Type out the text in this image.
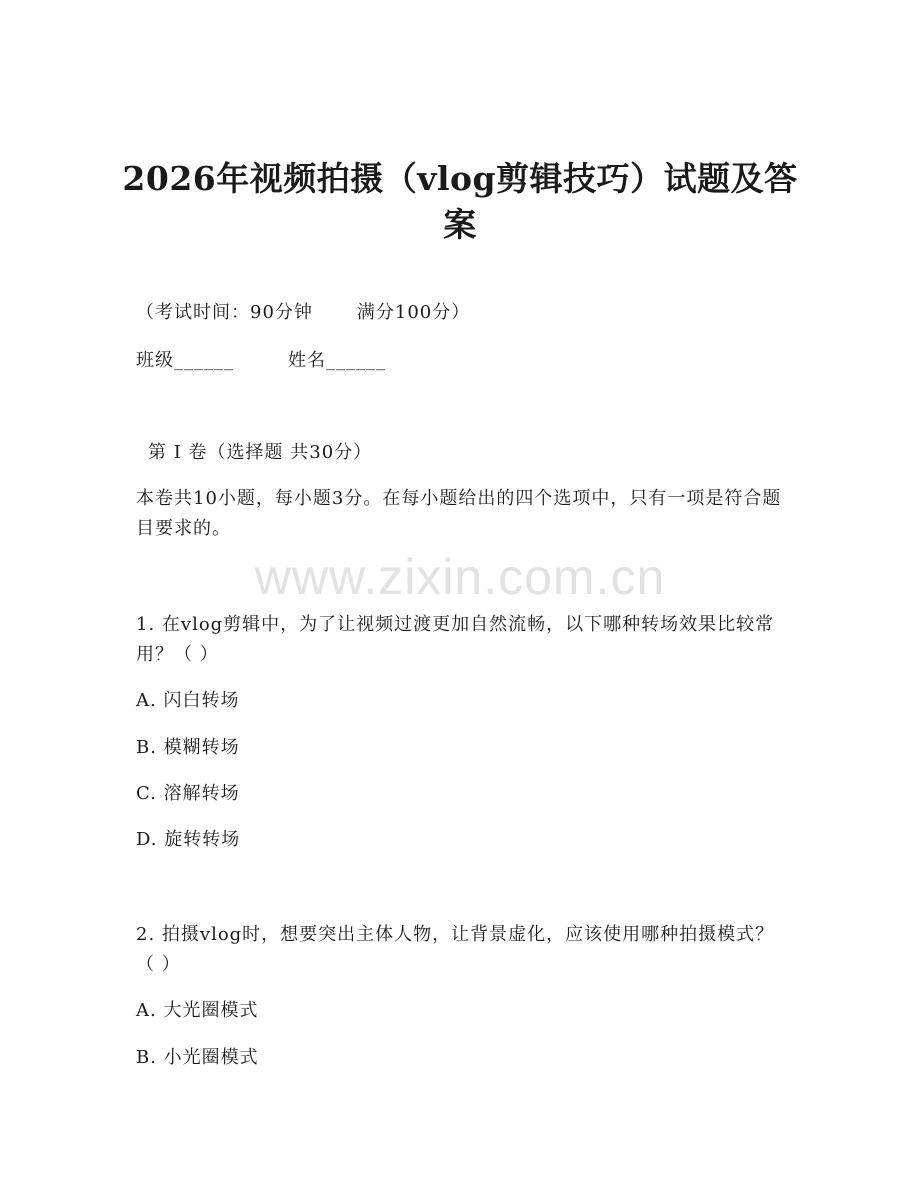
2026年视频拍摄（vlog剪辑技巧）试题及答案
（考试时间：90分钟 满分100分）
班级______	姓名______
第 I 卷（选择题 共30分）
本卷共10小题，每小题3分。在每小题给出的四个选项中，只有一项是符合题目要求的。
www.zixin.com.cn
1. 在vlog剪辑中，为了让视频过渡更加自然流畅，以下哪种转场效果比较常用？（ ）
A. 闪白转场
B. 模糊转场
C. 溶解转场
D. 旋转转场
2. 拍摄vlog时，想要突出主体人物，让背景虚化，应该使用哪种拍摄模式？（ ）
A. 大光圈模式
B. 小光圈模式
